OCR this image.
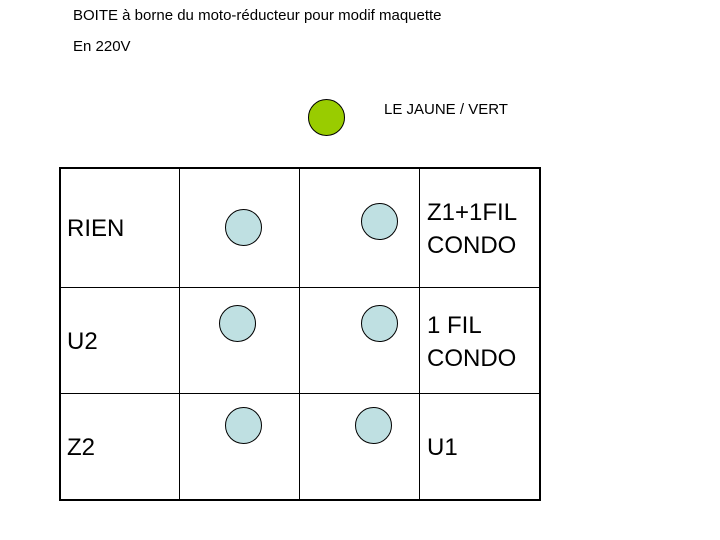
BOITE à borne du moto-réducteur pour modif maquette
En 220V
LE JAUNE / VERT
RIEN
Z1+1FIL
CONDO
U2
1 FIL
CONDO
Z2	U1
